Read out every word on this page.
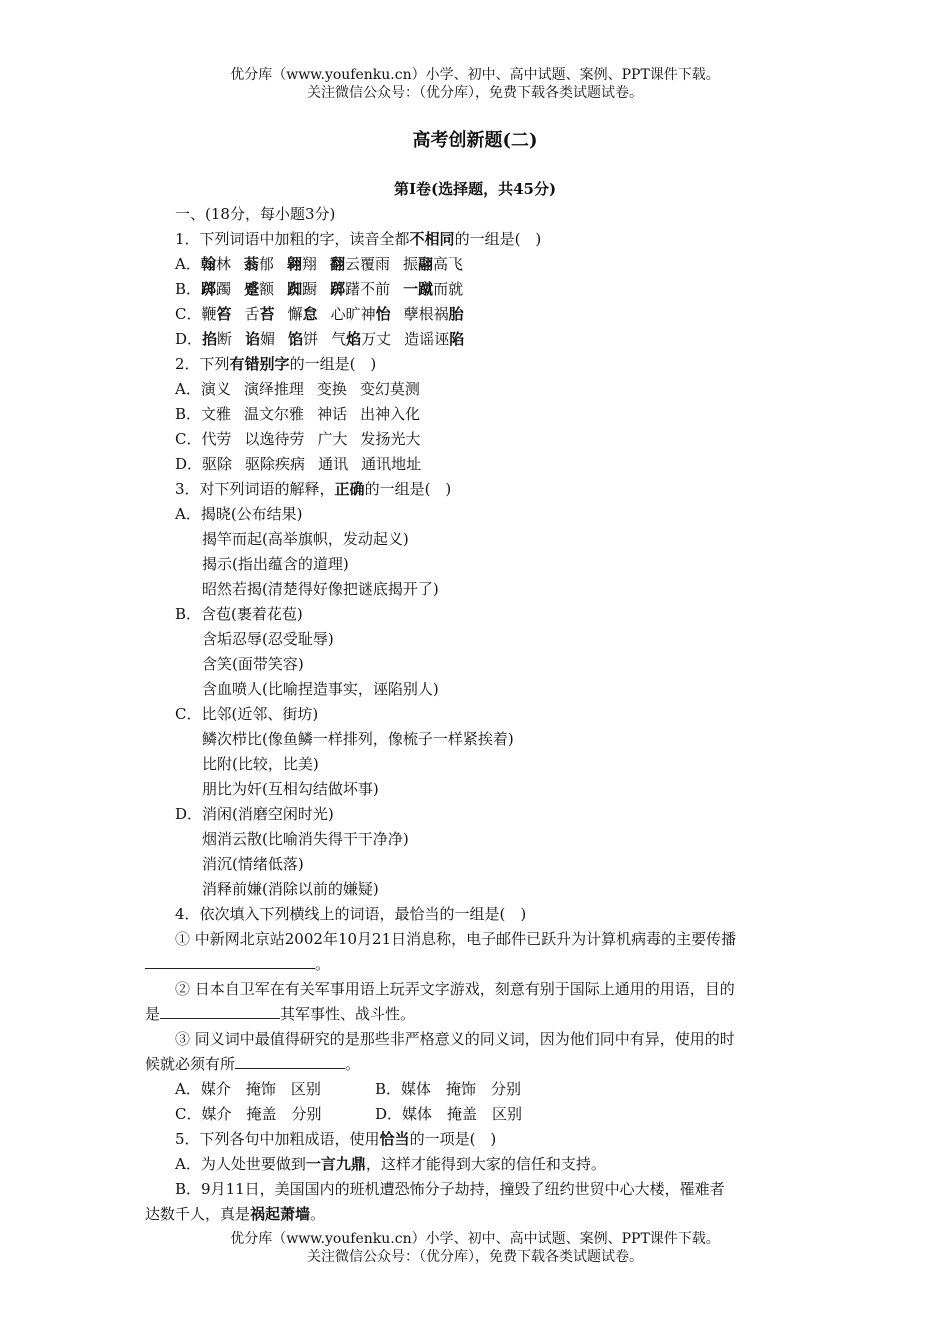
优分库（www.youfenku.cn）小学、初中、高中试题、案例、PPT课件下载。
关注微信公众号：（优分库），免费下载各类试题试卷。
高考创新题(二)
第Ⅰ卷(选择题，共45分)
一、(18分，每小题3分)
1．下列词语中加粗的字，读音全都不相同的一组是(　)
A．翰林 蓊郁 翱翔 翻云覆雨 振翮高飞
B．踯躅 蹙额 踟蹰 踯躇不前 一蹴而就
C．鞭笞 舌苔 懈怠 心旷神怡 孽根祸胎
D．掐断 谄媚 馅饼 气焰万丈 造谣诬陷
2．下列有错别字的一组是(　)
A．演义 演绎推理 变换 变幻莫测
B．文雅 温文尔雅 神话 出神入化
C．代劳 以逸待劳 广大 发扬光大
D．驱除 驱除疾病 通讯 通讯地址
3．对下列词语的解释，正确的一组是(　)
A．揭晓(公布结果)
揭竿而起(高举旗帜，发动起义)
揭示(指出蕴含的道理)
昭然若揭(清楚得好像把谜底揭开了)
B．含苞(裹着花苞)
含垢忍辱(忍受耻辱)
含笑(面带笑容)
含血喷人(比喻捏造事实，诬陷别人)
C．比邻(近邻、街坊)
鳞次栉比(像鱼鳞一样排列，像梳子一样紧挨着)
比附(比较，比美)
朋比为奸(互相勾结做坏事)
D．消闲(消磨空闲时光)
烟消云散(比喻消失得干干净净)
消沉(情绪低落)
消释前嫌(消除以前的嫌疑)
4．依次填入下列横线上的词语，最恰当的一组是(　)
① 中新网北京站2002年10月21日消息称，电子邮件已跃升为计算机病毒的主要传播
。
② 日本自卫军在有关军事用语上玩弄文字游戏，刻意有别于国际上通用的用语，目的
是	其军事性、战斗性。
③ 同义词中最值得研究的是那些非严格意义的同义词，因为他们同中有异，使用的时
候就必须有所	。
A．媒介　掩饰　区别	B．媒体　掩饰　分别
C．媒介　掩盖　分别	D．媒体　掩盖　区别
5．下列各句中加粗成语，使用恰当的一项是(　)
A．为人处世要做到一言九鼎，这样才能得到大家的信任和支持。
B．9月11日，美国国内的班机遭恐怖分子劫持，撞毁了纽约世贸中心大楼，罹难者
达数千人，真是祸起萧墙。
优分库（www.youfenku.cn）小学、初中、高中试题、案例、PPT课件下载。
关注微信公众号：（优分库），免费下载各类试题试卷。
